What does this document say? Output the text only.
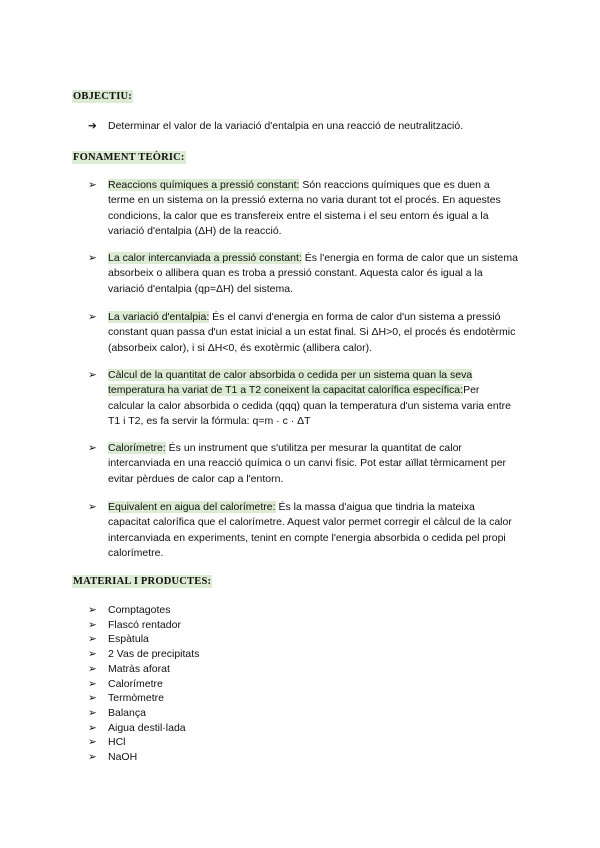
OBJECTIU:
➔ Determinar el valor de la variació d'entalpia en una reacció de neutralització.
FONAMENT TEÒRIC:
➢	Reaccions químiques a pressió constant: Són reaccions químiques que es duen a terme en un sistema on la pressió externa no varia durant tot el procés. En aquestes condicions, la calor que es transfereix entre el sistema i el seu entorn és igual a la variació d'entalpia (ΔH) de la reacció.
➢	La calor intercanviada a pressió constant: És l'energia en forma de calor que un sistema absorbeix o allibera quan es troba a pressió constant. Aquesta calor és igual a la variació d'entalpia (qp=ΔH) del sistema.
➢	La variació d'entalpia: És el canvi d'energia en forma de calor d'un sistema a pressió constant quan passa d'un estat inicial a un estat final. Si ΔH>0, el procés és endotèrmic (absorbeix calor), i si ΔH<0, és exotèrmic (allibera calor).
➢	Càlcul de la quantitat de calor absorbida o cedida per un sistema quan la seva temperatura ha variat de T1 a T2 coneixent la capacitat calorífica específica:Per calcular la calor absorbida o cedida (qqq) quan la temperatura d'un sistema varia entre T1 i T2, es fa servir la fórmula: q=m · c · ΔT
➢	Calorímetre: És un instrument que s'utilitza per mesurar la quantitat de calor intercanviada en una reacció química o un canvi físic. Pot estar aïllat tèrmicament per evitar pèrdues de calor cap a l'entorn.
➢	Equivalent en aigua del calorímetre: És la massa d'aigua que tindria la mateixa capacitat calorífica que el calorímetre. Aquest valor permet corregir el càlcul de la calor intercanviada en experiments, tenint en compte l'energia absorbida o cedida pel propi calorímetre.
MATERIAL I PRODUCTES:
➢ Comptagotes
➢ Flascó rentador
➢ Espàtula
➢ 2 Vas de precipitats
➢ Matràs aforat
➢ Calorímetre
➢ Termòmetre
➢ Balança
➢ Aigua destil·lada
➢ HCl
➢ NaOH
